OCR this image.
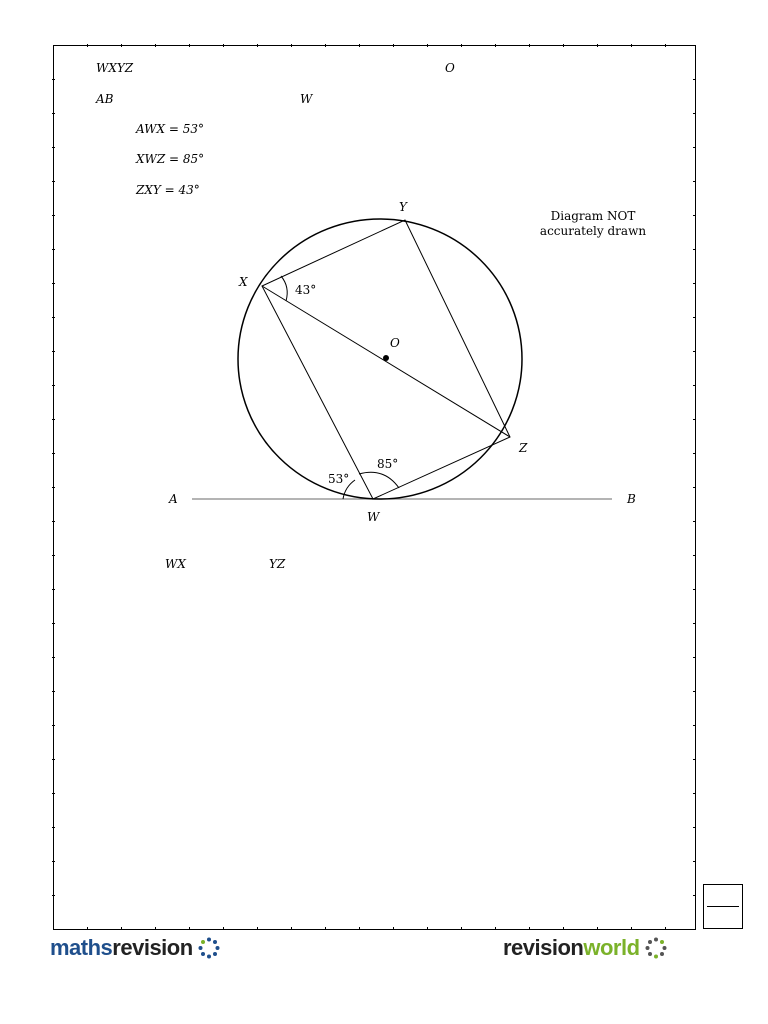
WXYZ	O
AB	W
AWX = 53°
XWZ = 85°
ZXY = 43°
Diagram NOT
accurately drawn
Y
X
O
Z
W
A	B
43°
53°
85°
WX	YZ
mathsrevision	revisionworld
